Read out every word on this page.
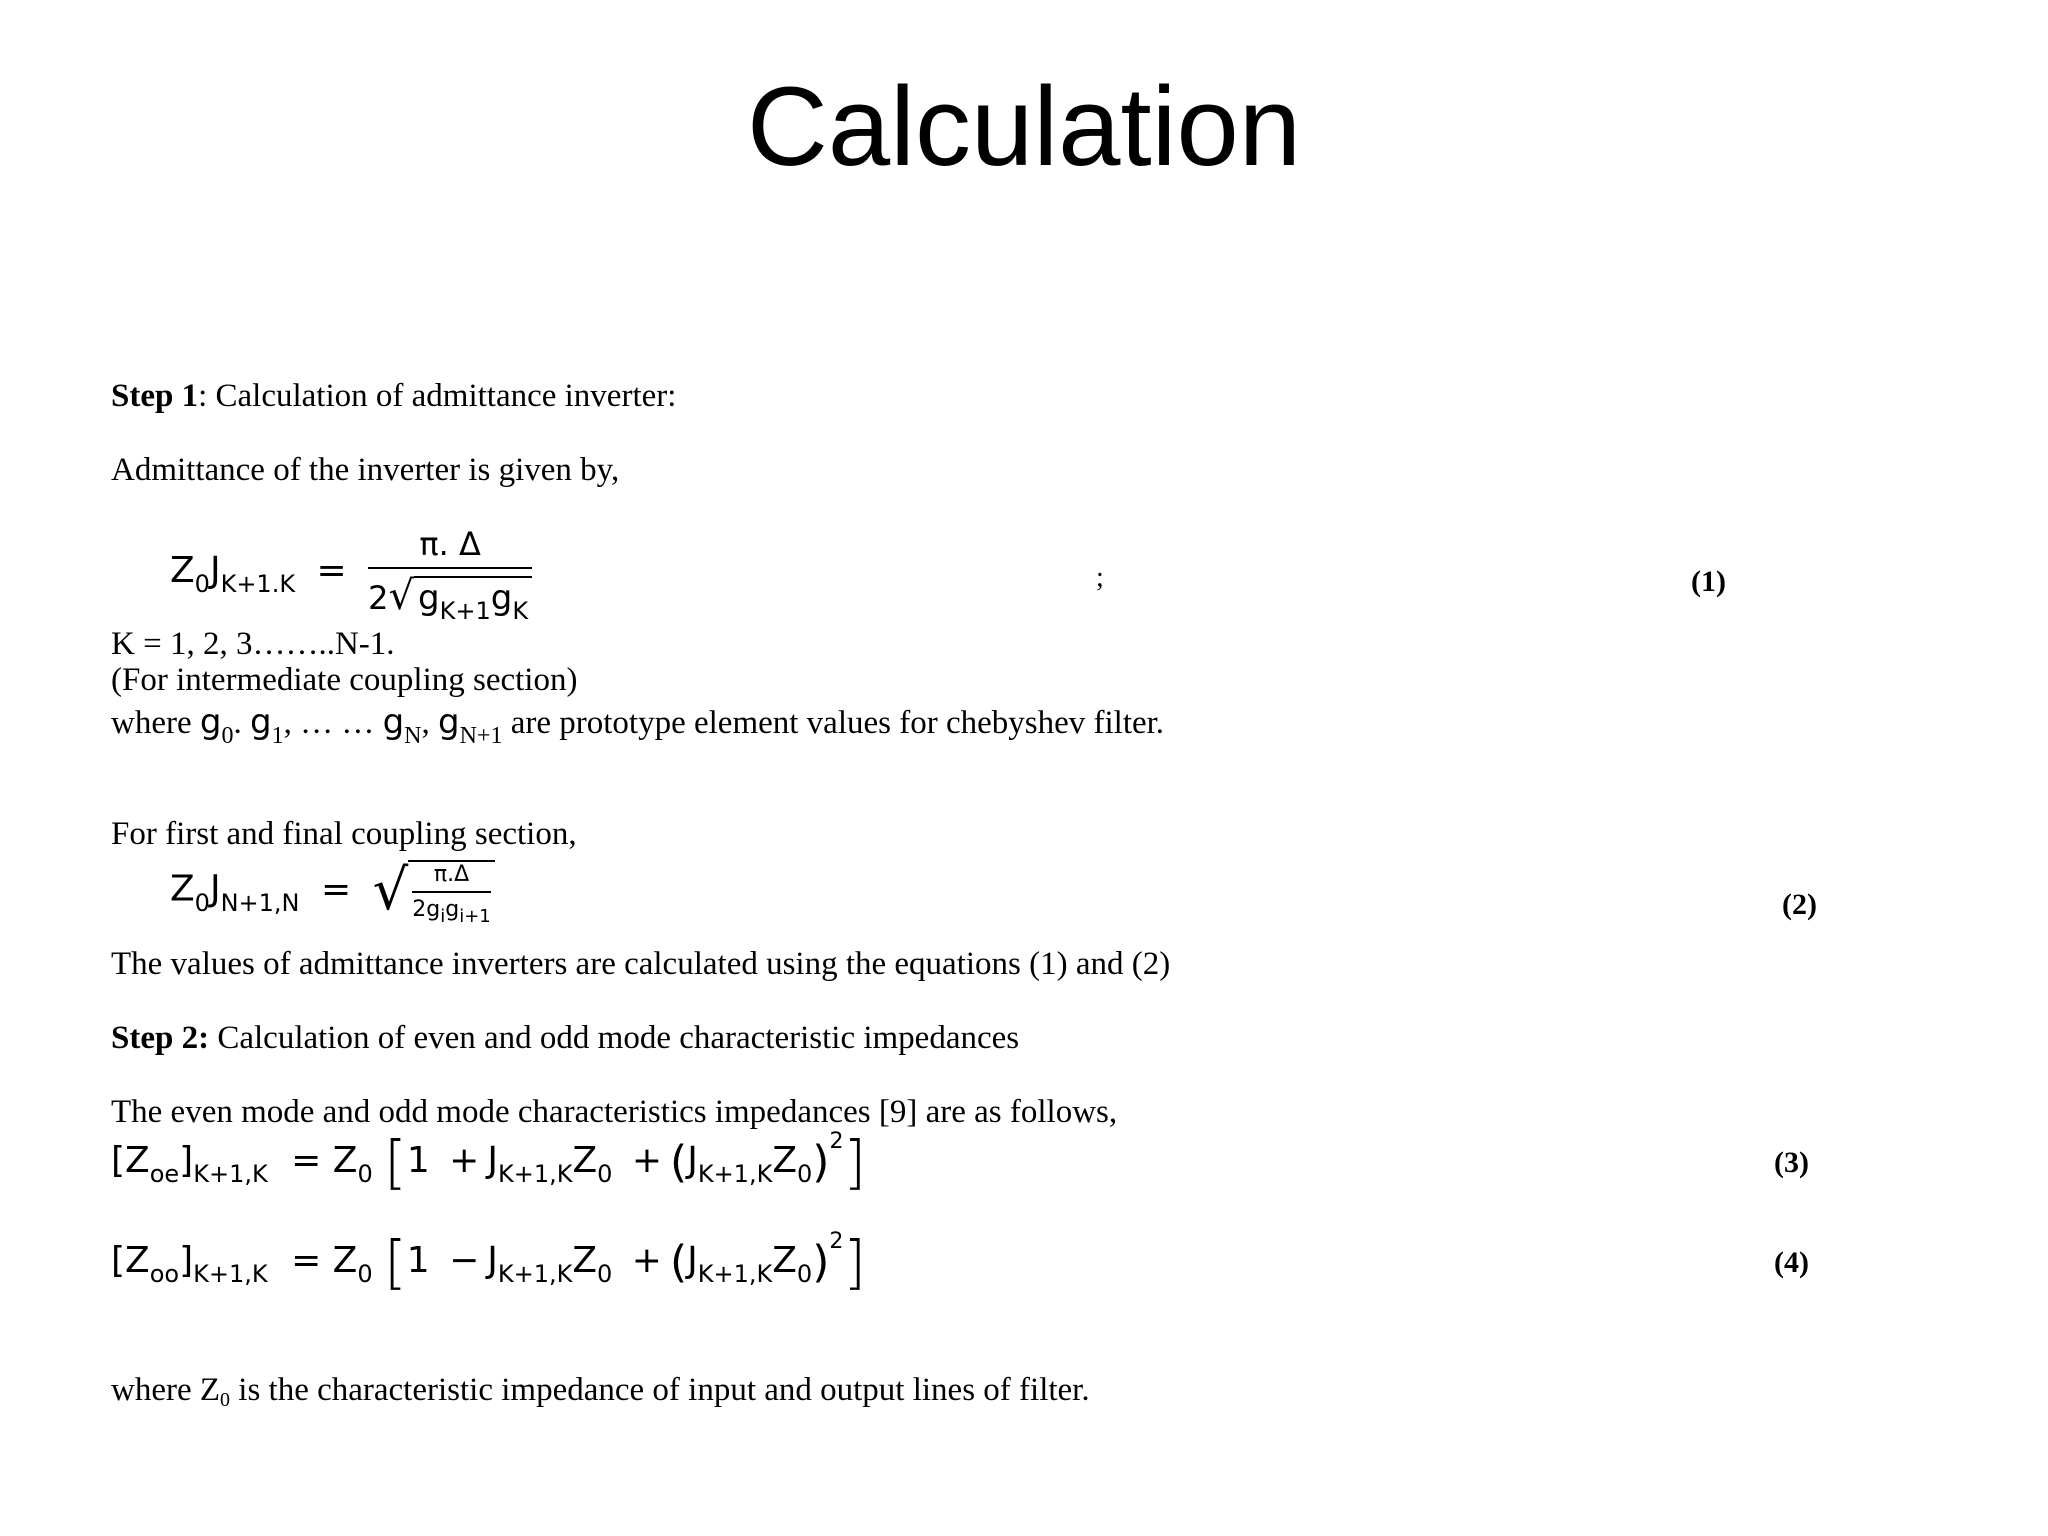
Calculation
Step 1: Calculation of admittance inverter:
Admittance of the inverter is given by,
$Z_0J_{K+1.K} = \frac{\pi. \Delta}{2√ g_{K+1}g_K}$	;	(1)
K = 1, 2, 3……..N-1.
(For intermediate coupling section)
where $g_0$. $g_1$, … … $g_N$, $g_{N+1}$ are prototype element values for chebyshev filter.
For first and final coupling section,
$Z_0J_{N+1,N}$ = √ $\frac{\pi.\Delta}{2g_ig_{i+1}}$	(2)
The values of admittance inverters are calculated using the equations (1) and (2)
Step 2: Calculation of even and odd mode characteristic impedances
The even mode and odd mode characteristics impedances [9] are as follows,
$[Z_{oe}]_{K+1,K} = Z_0$ $[1 + J_{K+1,K}Z_0 + (J_{K+1,K}Z_0)^2]$	(3)
$[Z_{oo}]_{K+1,K} = Z_0$ $[1 - J_{K+1,K}Z_0 + (J_{K+1,K}Z_0)^2]$	(4)
where Z0 is the characteristic impedance of input and output lines of filter.
